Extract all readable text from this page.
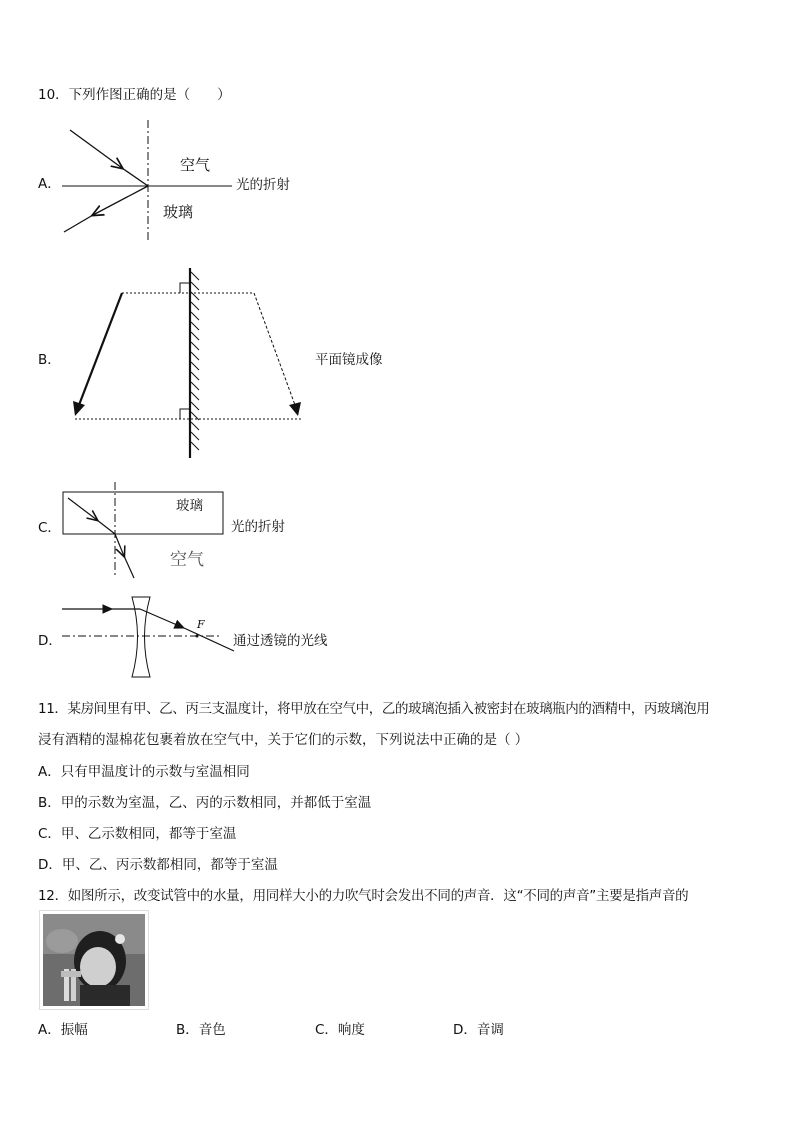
10．下列作图正确的是（　　）
A．
空气
玻璃
光的折射
B．	平面镜成像
C．
玻璃
空气
光的折射
D．
F
通过透镜的光线
11．某房间里有甲、乙、丙三支温度计，将甲放在空气中，乙的玻璃泡插入被密封在玻璃瓶内的酒精中，丙玻璃泡用
浸有酒精的湿棉花包裹着放在空气中，关于它们的示数，下列说法中正确的是（ ）
A．只有甲温度计的示数与室温相同
B．甲的示数为室温，乙、丙的示数相同，并都低于室温
C．甲、乙示数相同，都等于室温
D．甲、乙、丙示数都相同，都等于室温
12．如图所示，改变试管中的水量，用同样大小的力吹气时会发出不同的声音．这“不同的声音”主要是指声音的
A．振幅	B．音色	C．响度	D．音调
